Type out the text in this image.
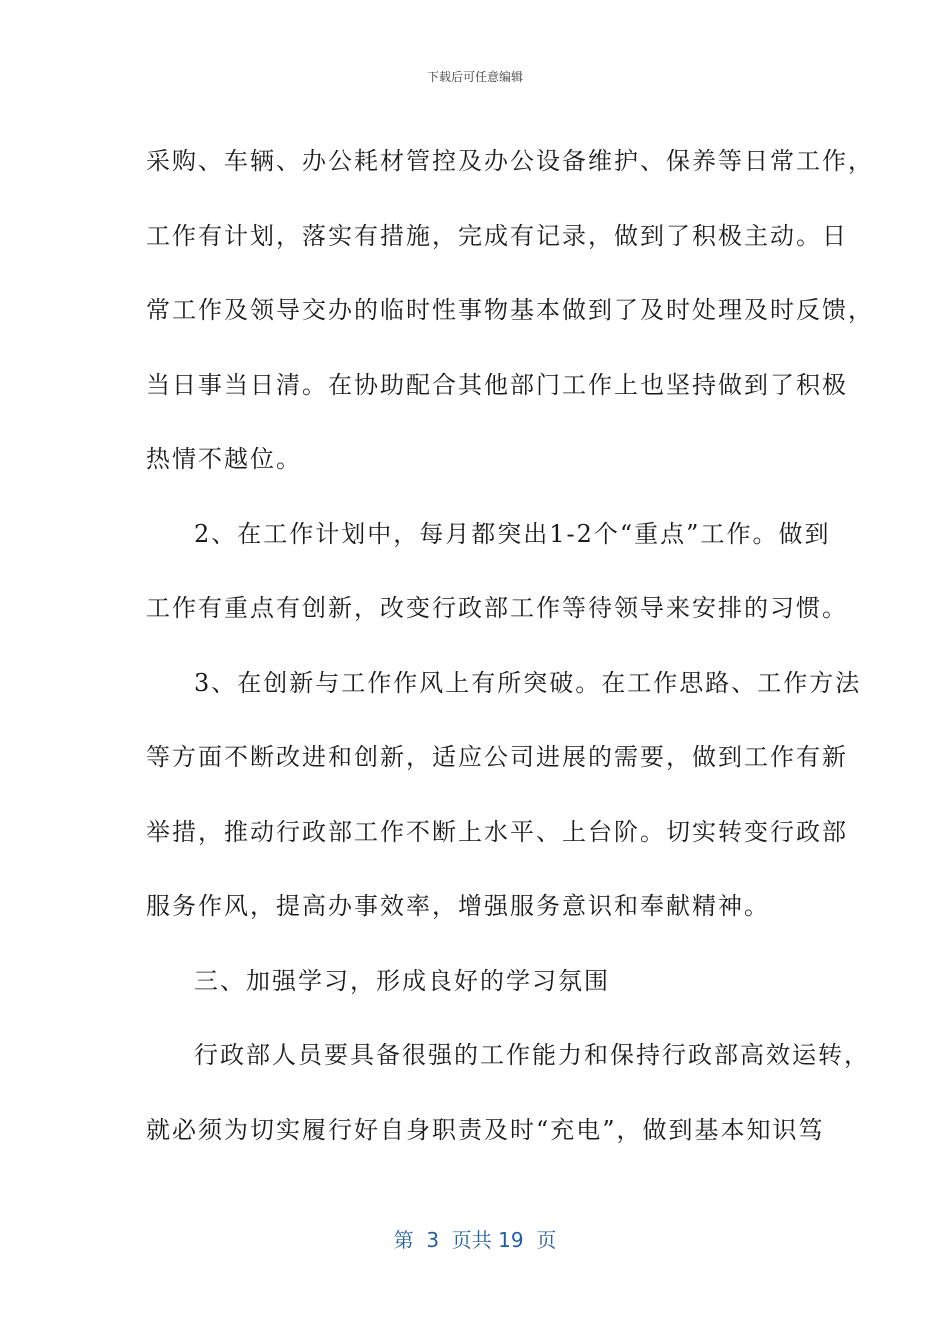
下载后可任意编辑
采购、车辆、办公耗材管控及办公设备维护、保养等日常工作，
工作有计划，落实有措施，完成有记录，做到了积极主动。日
常工作及领导交办的临时性事物基本做到了及时处理及时反馈，
当日事当日清。在协助配合其他部门工作上也坚持做到了积极
热情不越位。
2、在工作计划中，每月都突出1-2个“重点”工作。做到
工作有重点有创新，改变行政部工作等待领导来安排的习惯。
3、在创新与工作作风上有所突破。在工作思路、工作方法
等方面不断改进和创新，适应公司进展的需要，做到工作有新
举措，推动行政部工作不断上水平、上台阶。切实转变行政部
服务作风，提高办事效率，增强服务意识和奉献精神。
三、加强学习，形成良好的学习氛围
行政部人员要具备很强的工作能力和保持行政部高效运转，
就必须为切实履行好自身职责及时“充电”，做到基本知识笃
第  3  页共 19  页
